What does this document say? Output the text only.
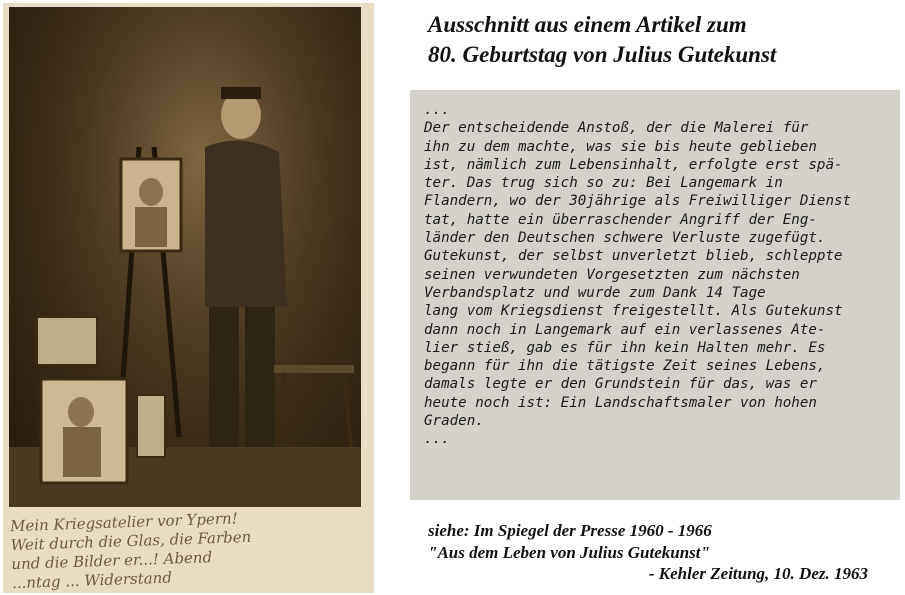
Mein Kriegsatelier vor Ypern!
Weit durch die Glas, die Farben
und die Bilder er...! Abend
...ntag ... Widerstand
Ausschnitt aus einem Artikel zum
80. Geburtstag von Julius Gutekunst
...
Der entscheidende Anstoß, der die Malerei für
ihn zu dem machte, was sie bis heute geblieben
ist, nämlich zum Lebensinhalt, erfolgte erst spä-
ter. Das trug sich so zu: Bei Langemark in
Flandern, wo der 30jährige als Freiwilliger Dienst
tat, hatte ein überraschender Angriff der Eng-
länder den Deutschen schwere Verluste zugefügt.
Gutekunst, der selbst unverletzt blieb, schleppte
seinen verwundeten Vorgesetzten zum nächsten
Verbandsplatz und wurde zum Dank 14 Tage
lang vom Kriegsdienst freigestellt. Als Gutekunst
dann noch in Langemark auf ein verlassenes Ate-
lier stieß, gab es für ihn kein Halten mehr. Es
begann für ihn die tätigste Zeit seines Lebens,
damals legte er den Grundstein für das, was er
heute noch ist: Ein Landschaftsmaler von hohen
Graden.
...
siehe: Im Spiegel der Presse 1960 - 1966
"Aus dem Leben von Julius Gutekunst"
- Kehler Zeitung, 10. Dez. 1963
